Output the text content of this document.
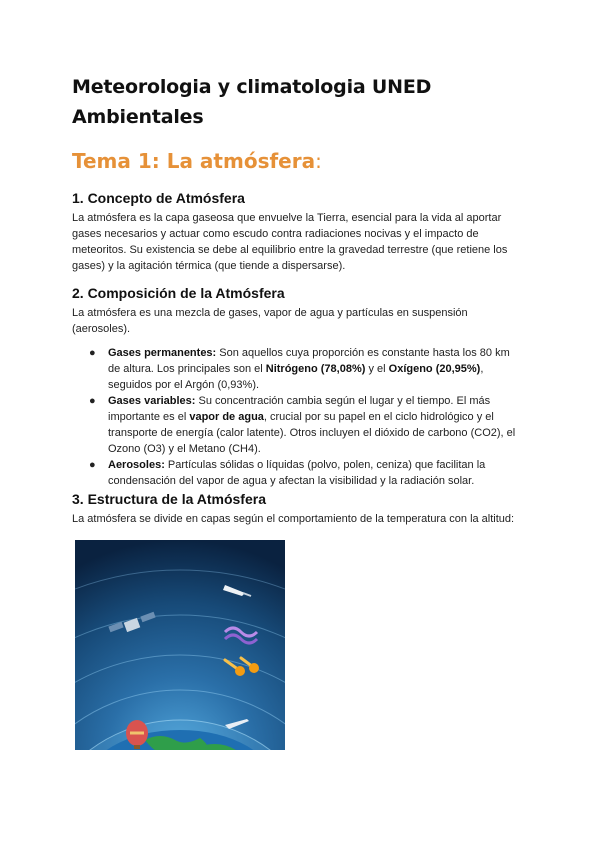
Meteorologia y climatologia UNED Ambientales
Tema 1: La atmósfera:
1. Concepto de Atmósfera

La atmósfera es la capa gaseosa que envuelve la Tierra, esencial para la vida al aportar gases necesarios y actuar como escudo contra radiaciones nocivas y el impacto de meteoritos. Su existencia se debe al equilibrio entre la gravedad terrestre (que retiene los gases) y la agitación térmica (que tiende a dispersarse).

2. Composición de la Atmósfera

La atmósfera es una mezcla de gases, vapor de agua y partículas en suspensión (aerosoles).

● Gases permanentes: Son aquellos cuya proporción es constante hasta los 80 km de altura. Los principales son el Nitrógeno (78,08%) y el Oxígeno (20,95%), seguidos por el Argón (0,93%).
● Gases variables: Su concentración cambia según el lugar y el tiempo. El más importante es el vapor de agua, crucial por su papel en el ciclo hidrológico y el transporte de energía (calor latente). Otros incluyen el dióxido de carbono (CO2), el Ozono (O3) y el Metano (CH4).
● Aerosoles: Partículas sólidas o líquidas (polvo, polen, ceniza) que facilitan la condensación del vapor de agua y afectan la visibilidad y la radiación solar.
3. Estructura de la Atmósfera

La atmósfera se divide en capas según el comportamiento de la temperatura con la altitud:
